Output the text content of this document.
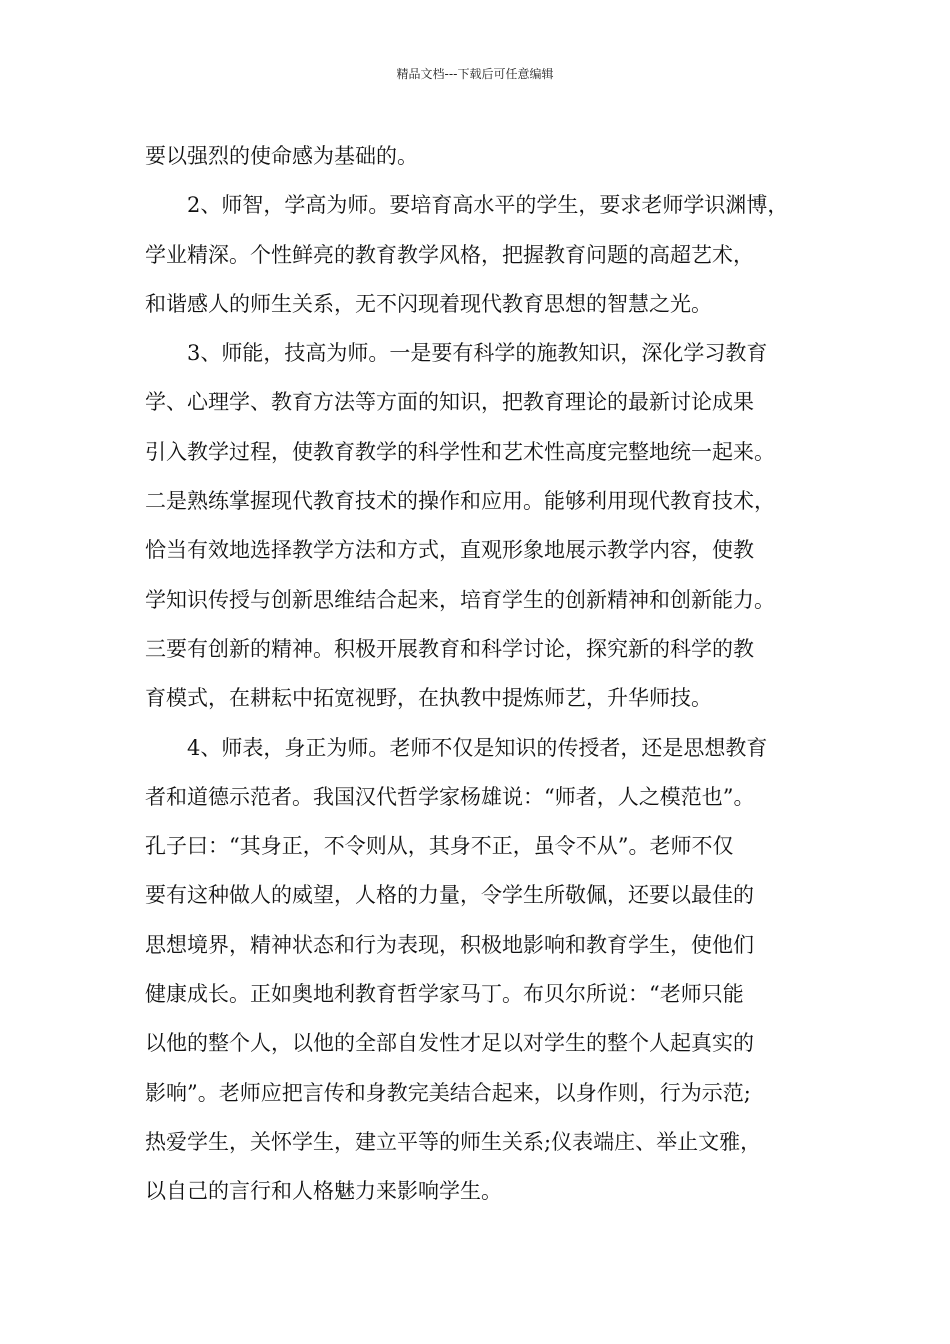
精品文档---下载后可任意编辑
要以强烈的使命感为基础的。
2、师智，学高为师。要培育高水平的学生，要求老师学识渊博，
学业精深。个性鲜亮的教育教学风格，把握教育问题的高超艺术，
和谐感人的师生关系，无不闪现着现代教育思想的智慧之光。
3、师能，技高为师。一是要有科学的施教知识，深化学习教育
学、心理学、教育方法等方面的知识，把教育理论的最新讨论成果
引入教学过程，使教育教学的科学性和艺术性高度完整地统一起来。
二是熟练掌握现代教育技术的操作和应用。能够利用现代教育技术，
恰当有效地选择教学方法和方式，直观形象地展示教学内容，使教
学知识传授与创新思维结合起来，培育学生的创新精神和创新能力。
三要有创新的精神。积极开展教育和科学讨论，探究新的科学的教
育模式，在耕耘中拓宽视野，在执教中提炼师艺，升华师技。
4、师表，身正为师。老师不仅是知识的传授者，还是思想教育
者和道德示范者。我国汉代哲学家杨雄说：“师者，人之模范也”。
孔子曰：“其身正，不令则从，其身不正，虽令不从”。老师不仅
要有这种做人的威望，人格的力量，令学生所敬佩，还要以最佳的
思想境界，精神状态和行为表现，积极地影响和教育学生，使他们
健康成长。正如奥地利教育哲学家马丁。布贝尔所说：“老师只能
以他的整个人，以他的全部自发性才足以对学生的整个人起真实的
影响”。老师应把言传和身教完美结合起来，以身作则，行为示范;
热爱学生，关怀学生，建立平等的师生关系;仪表端庄、举止文雅，
以自己的言行和人格魅力来影响学生。
